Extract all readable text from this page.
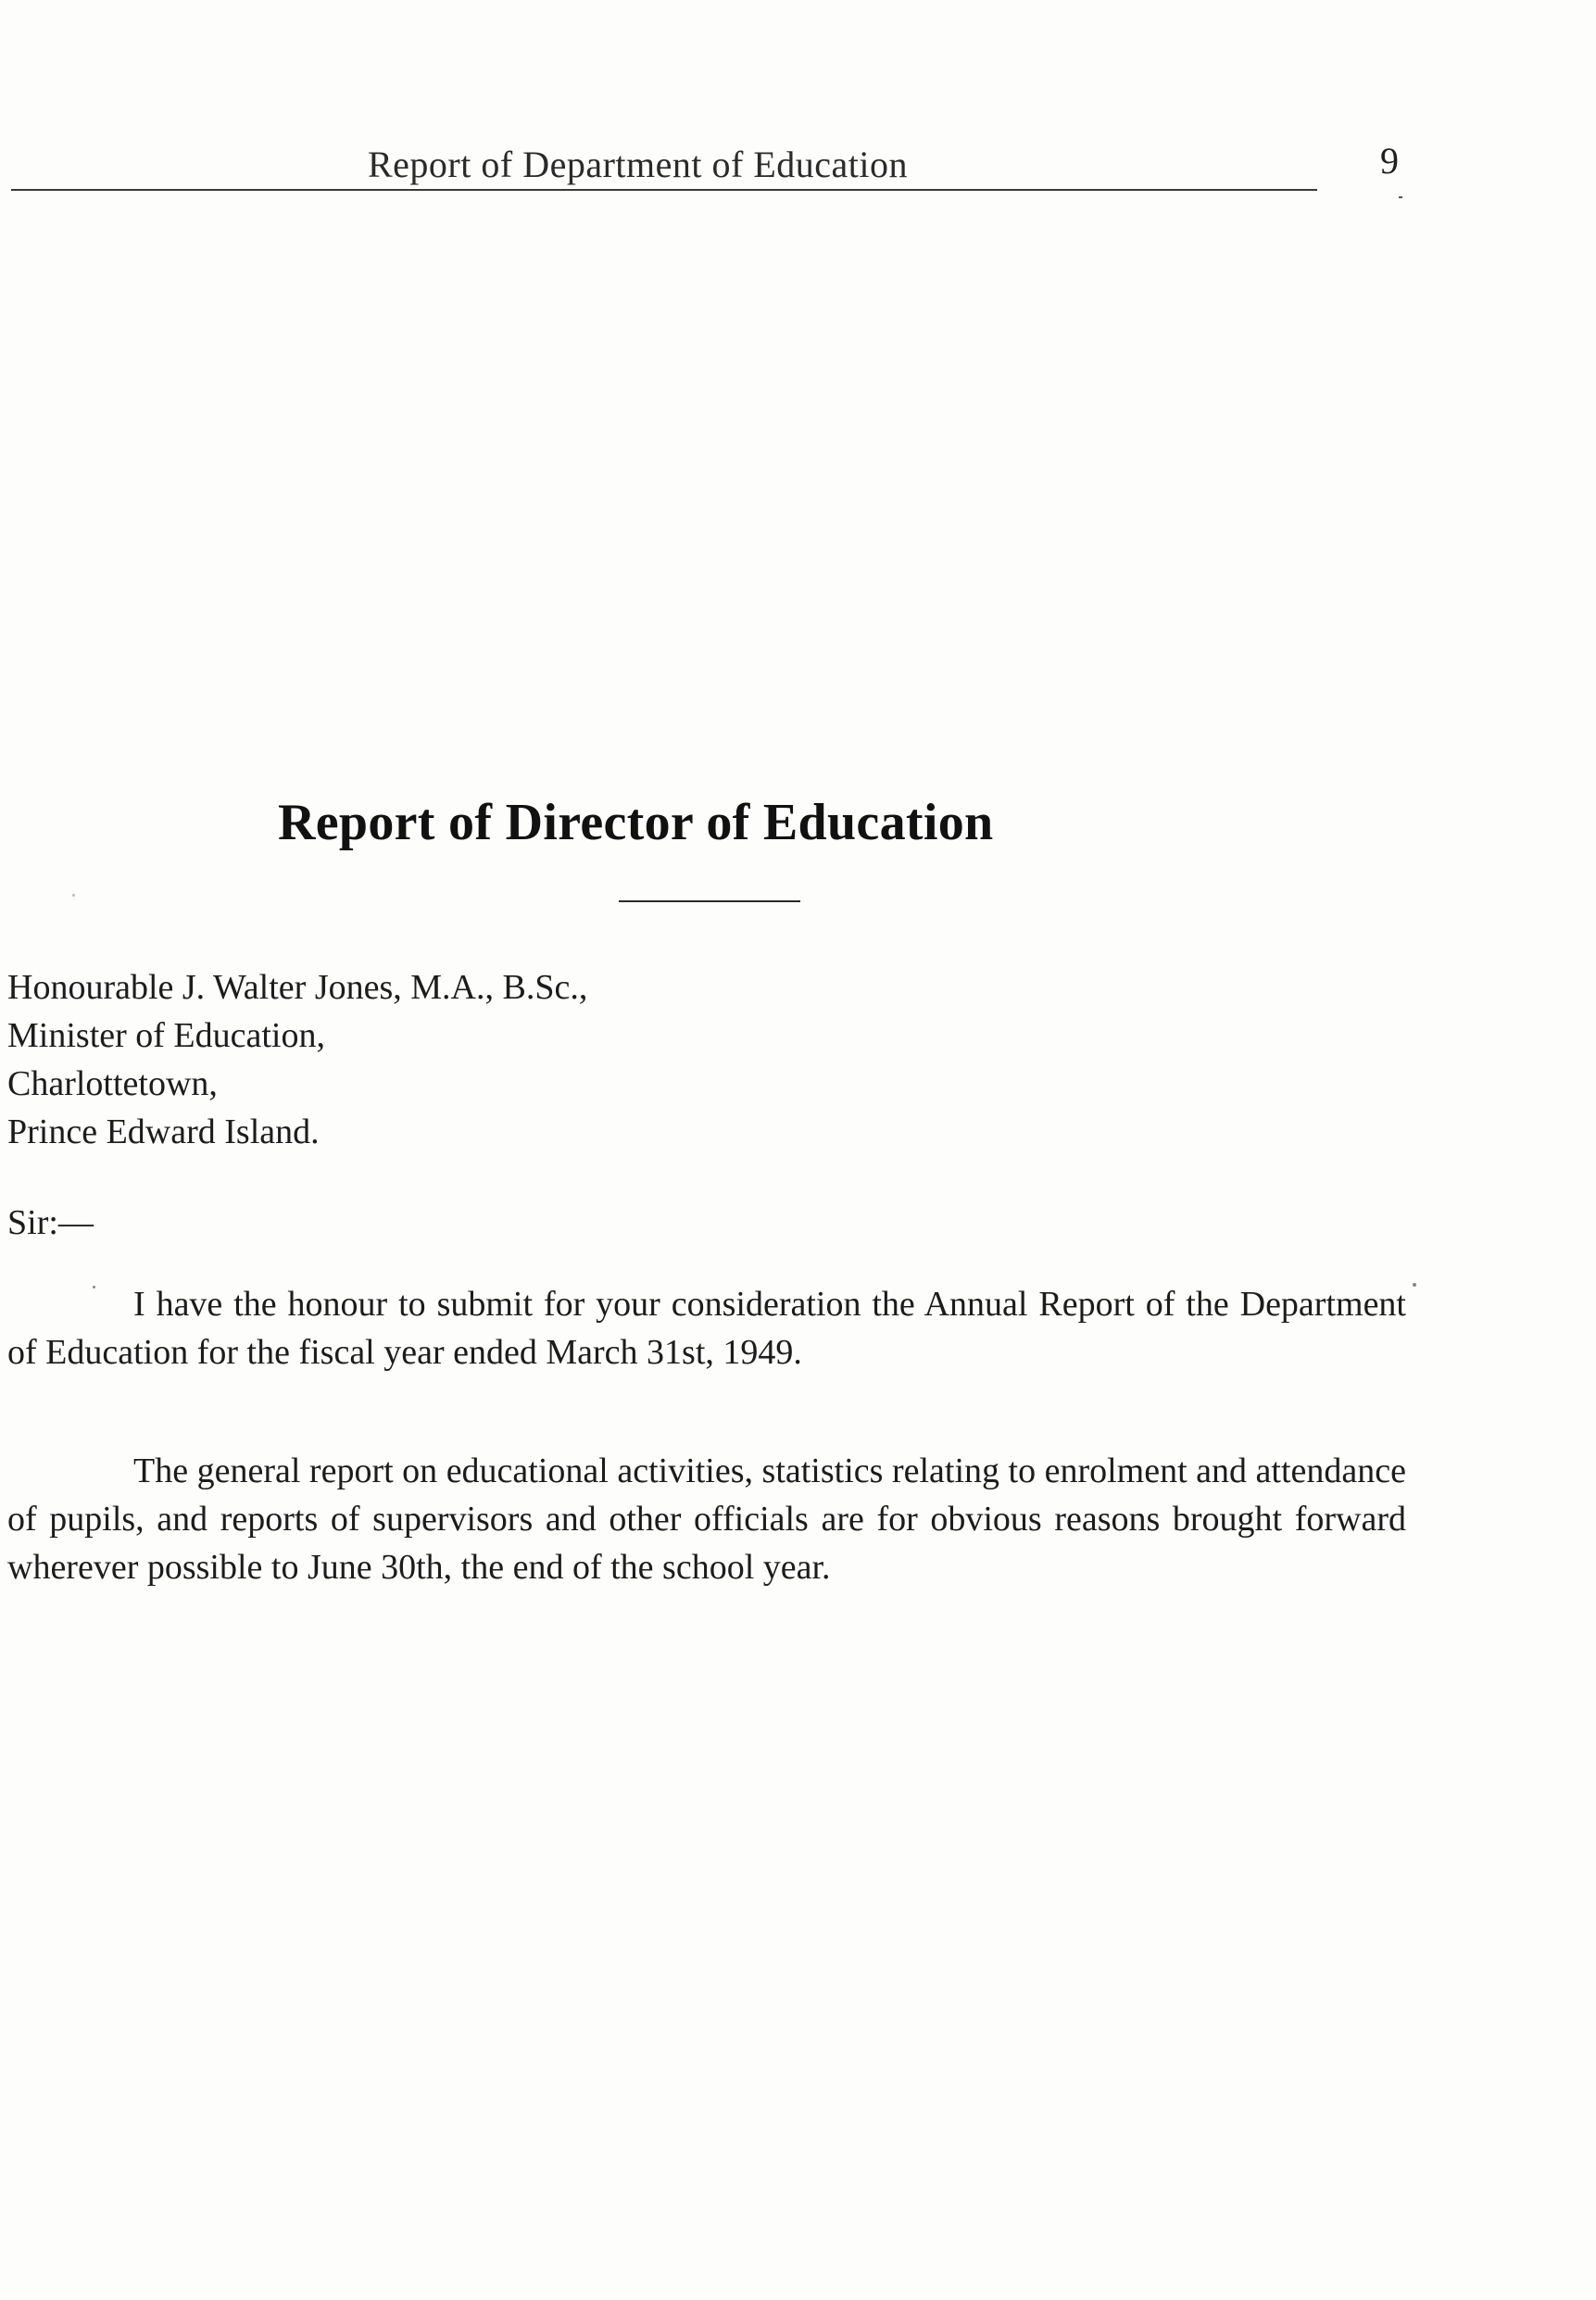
Report of Department of Education	9
Report of Director of Education
Honourable J. Walter Jones, M.A., B.Sc.,
Minister of Education,
Charlottetown,
Prince Edward Island.
Sir:—

I have the honour to submit for your consideration the Annual Report of the Department of Education for the fiscal year ended March 31st, 1949.

The general report on educational activities, statistics relating to enrolment and attendance of pupils, and reports of supervisors and other officials are for obvious reasons brought forward wherever possible to June 30th, the end of the school year.
